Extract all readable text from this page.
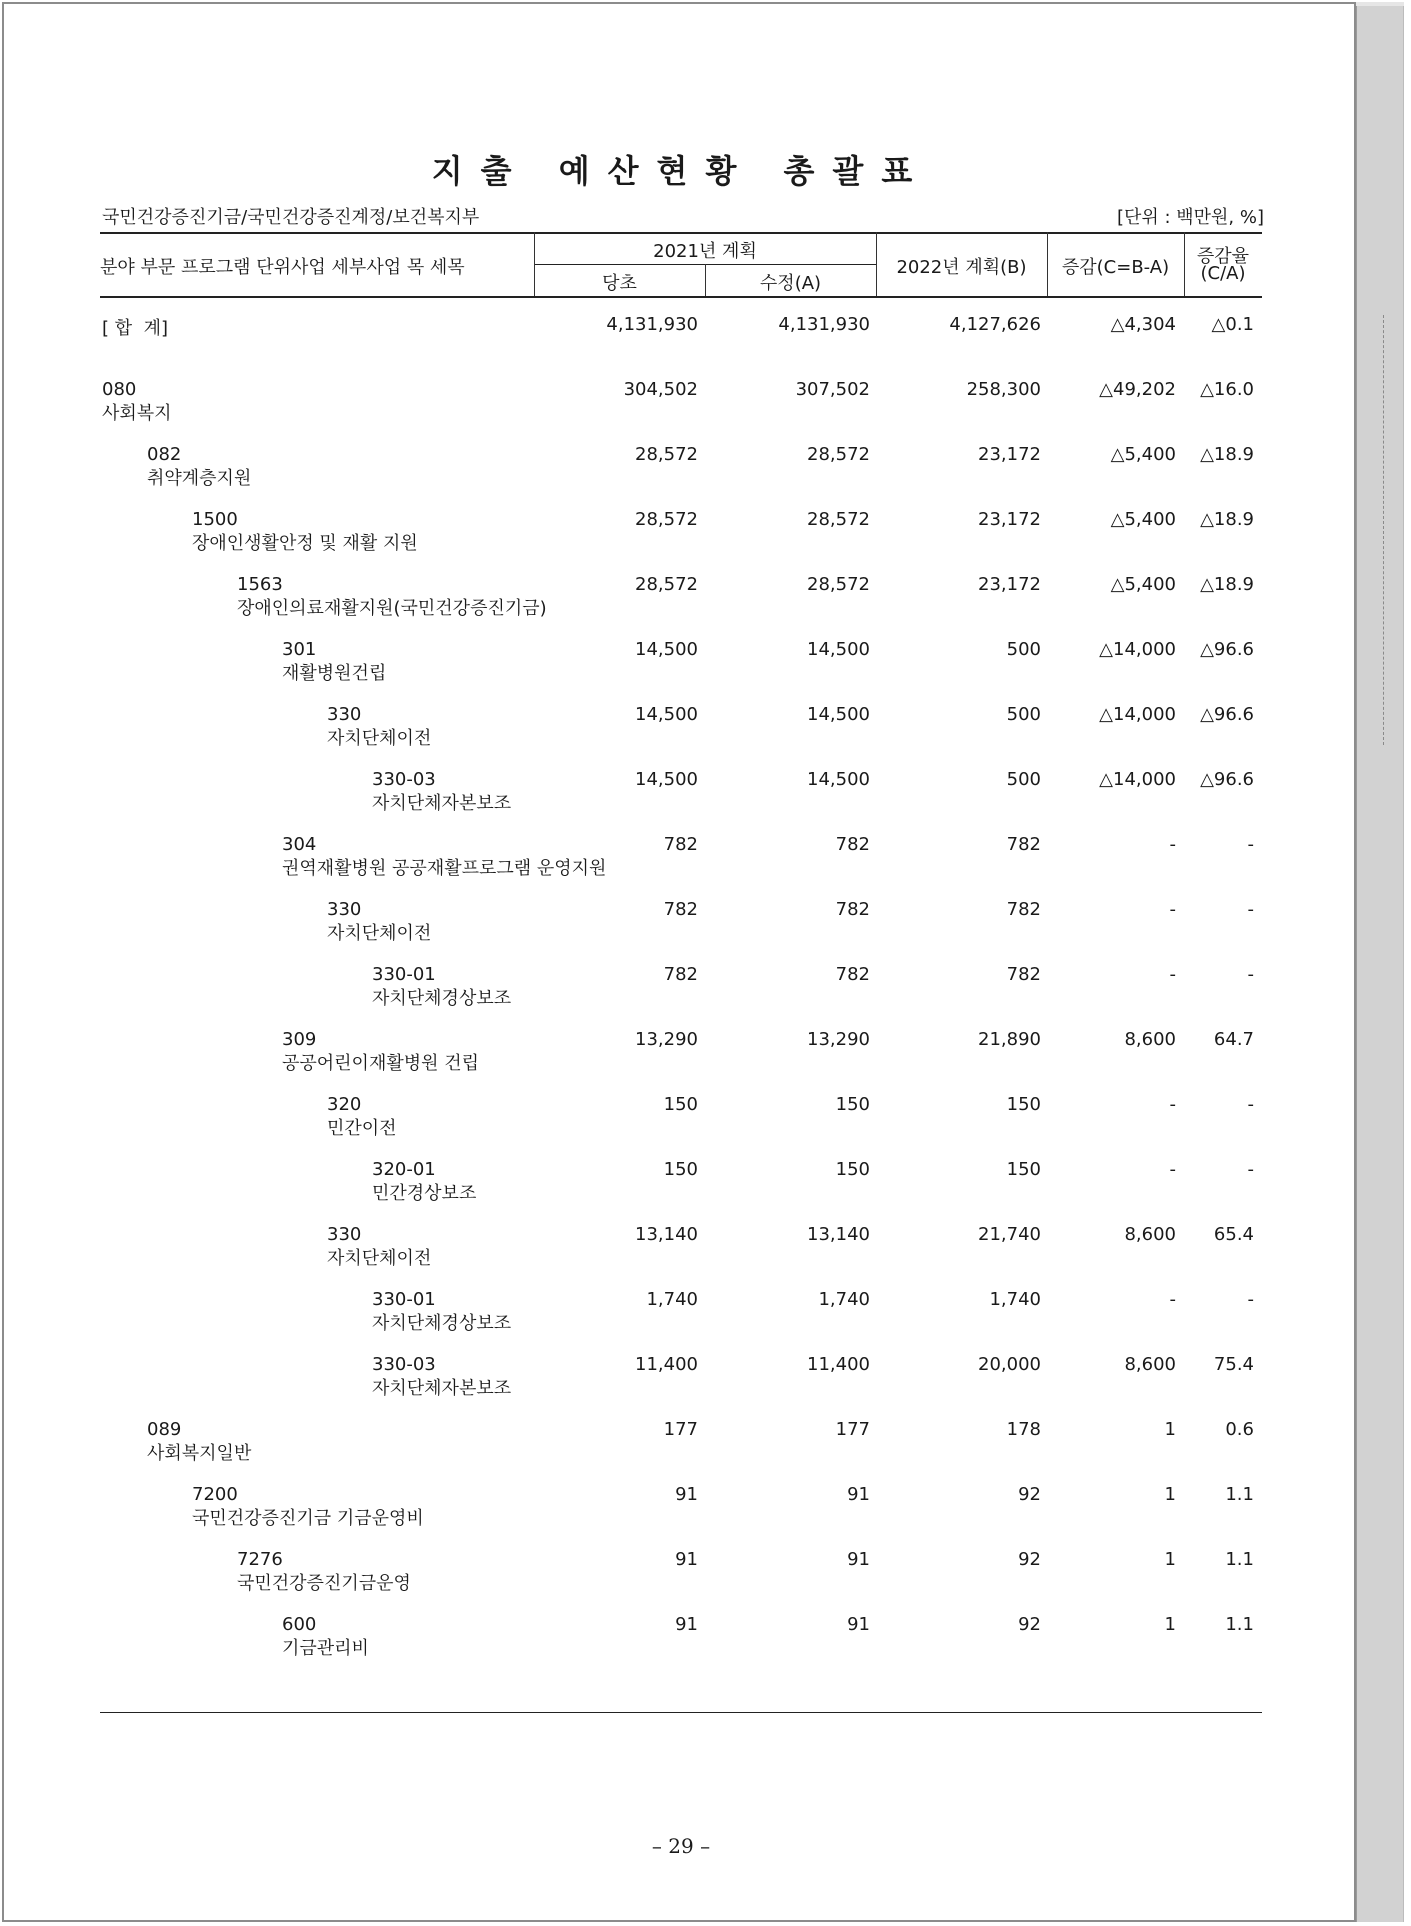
지출 예산현황 총괄표
국민건강증진기금/국민건강증진계정/보건복지부	[단위 : 백만원, %]
분야 부문 프로그램 단위사업 세부사업 목 세목
2021년 계획
당초	수정(A)
2022년 계획(B)	증감(C=B-A)
증감율
(C/A)
[ 합  계]	4,131,930	4,131,930	4,127,626	△4,304 △0.1
080
사회복지
304,502	307,502	258,300	△49,202 △16.0
082
취약계층지원
28,572	28,572	23,172	△5,400 △18.9
1500
장애인생활안정 및 재활 지원
28,572	28,572	23,172	△5,400 △18.9
1563
장애인의료재활지원(국민건강증진기금)
28,572	28,572	23,172	△5,400 △18.9
301
재활병원건립
14,500	14,500	500	△14,000 △96.6
330
자치단체이전
14,500	14,500	500	△14,000 △96.6
330-03
자치단체자본보조
14,500	14,500	500	△14,000 △96.6
304
권역재활병원 공공재활프로그램 운영지원
782	782	782	-	-
330
자치단체이전
782	782	782	-	-
330-01
자치단체경상보조
782	782	782	-	-
309
공공어린이재활병원 건립
13,290	13,290	21,890	8,600 64.7
320
민간이전
150	150	150	-	-
320-01
민간경상보조
150	150	150	-	-
330
자치단체이전
13,140	13,140	21,740	8,600 65.4
330-01
자치단체경상보조
1,740	1,740	1,740	-	-
330-03
자치단체자본보조
11,400	11,400	20,000	8,600 75.4
089
사회복지일반
177	177	178	1	0.6
7200
국민건강증진기금 기금운영비
91	91	92	1	1.1
7276
국민건강증진기금운영
91	91	92	1	1.1
600
기금관리비
91	91	92	1	1.1
– 29 –
